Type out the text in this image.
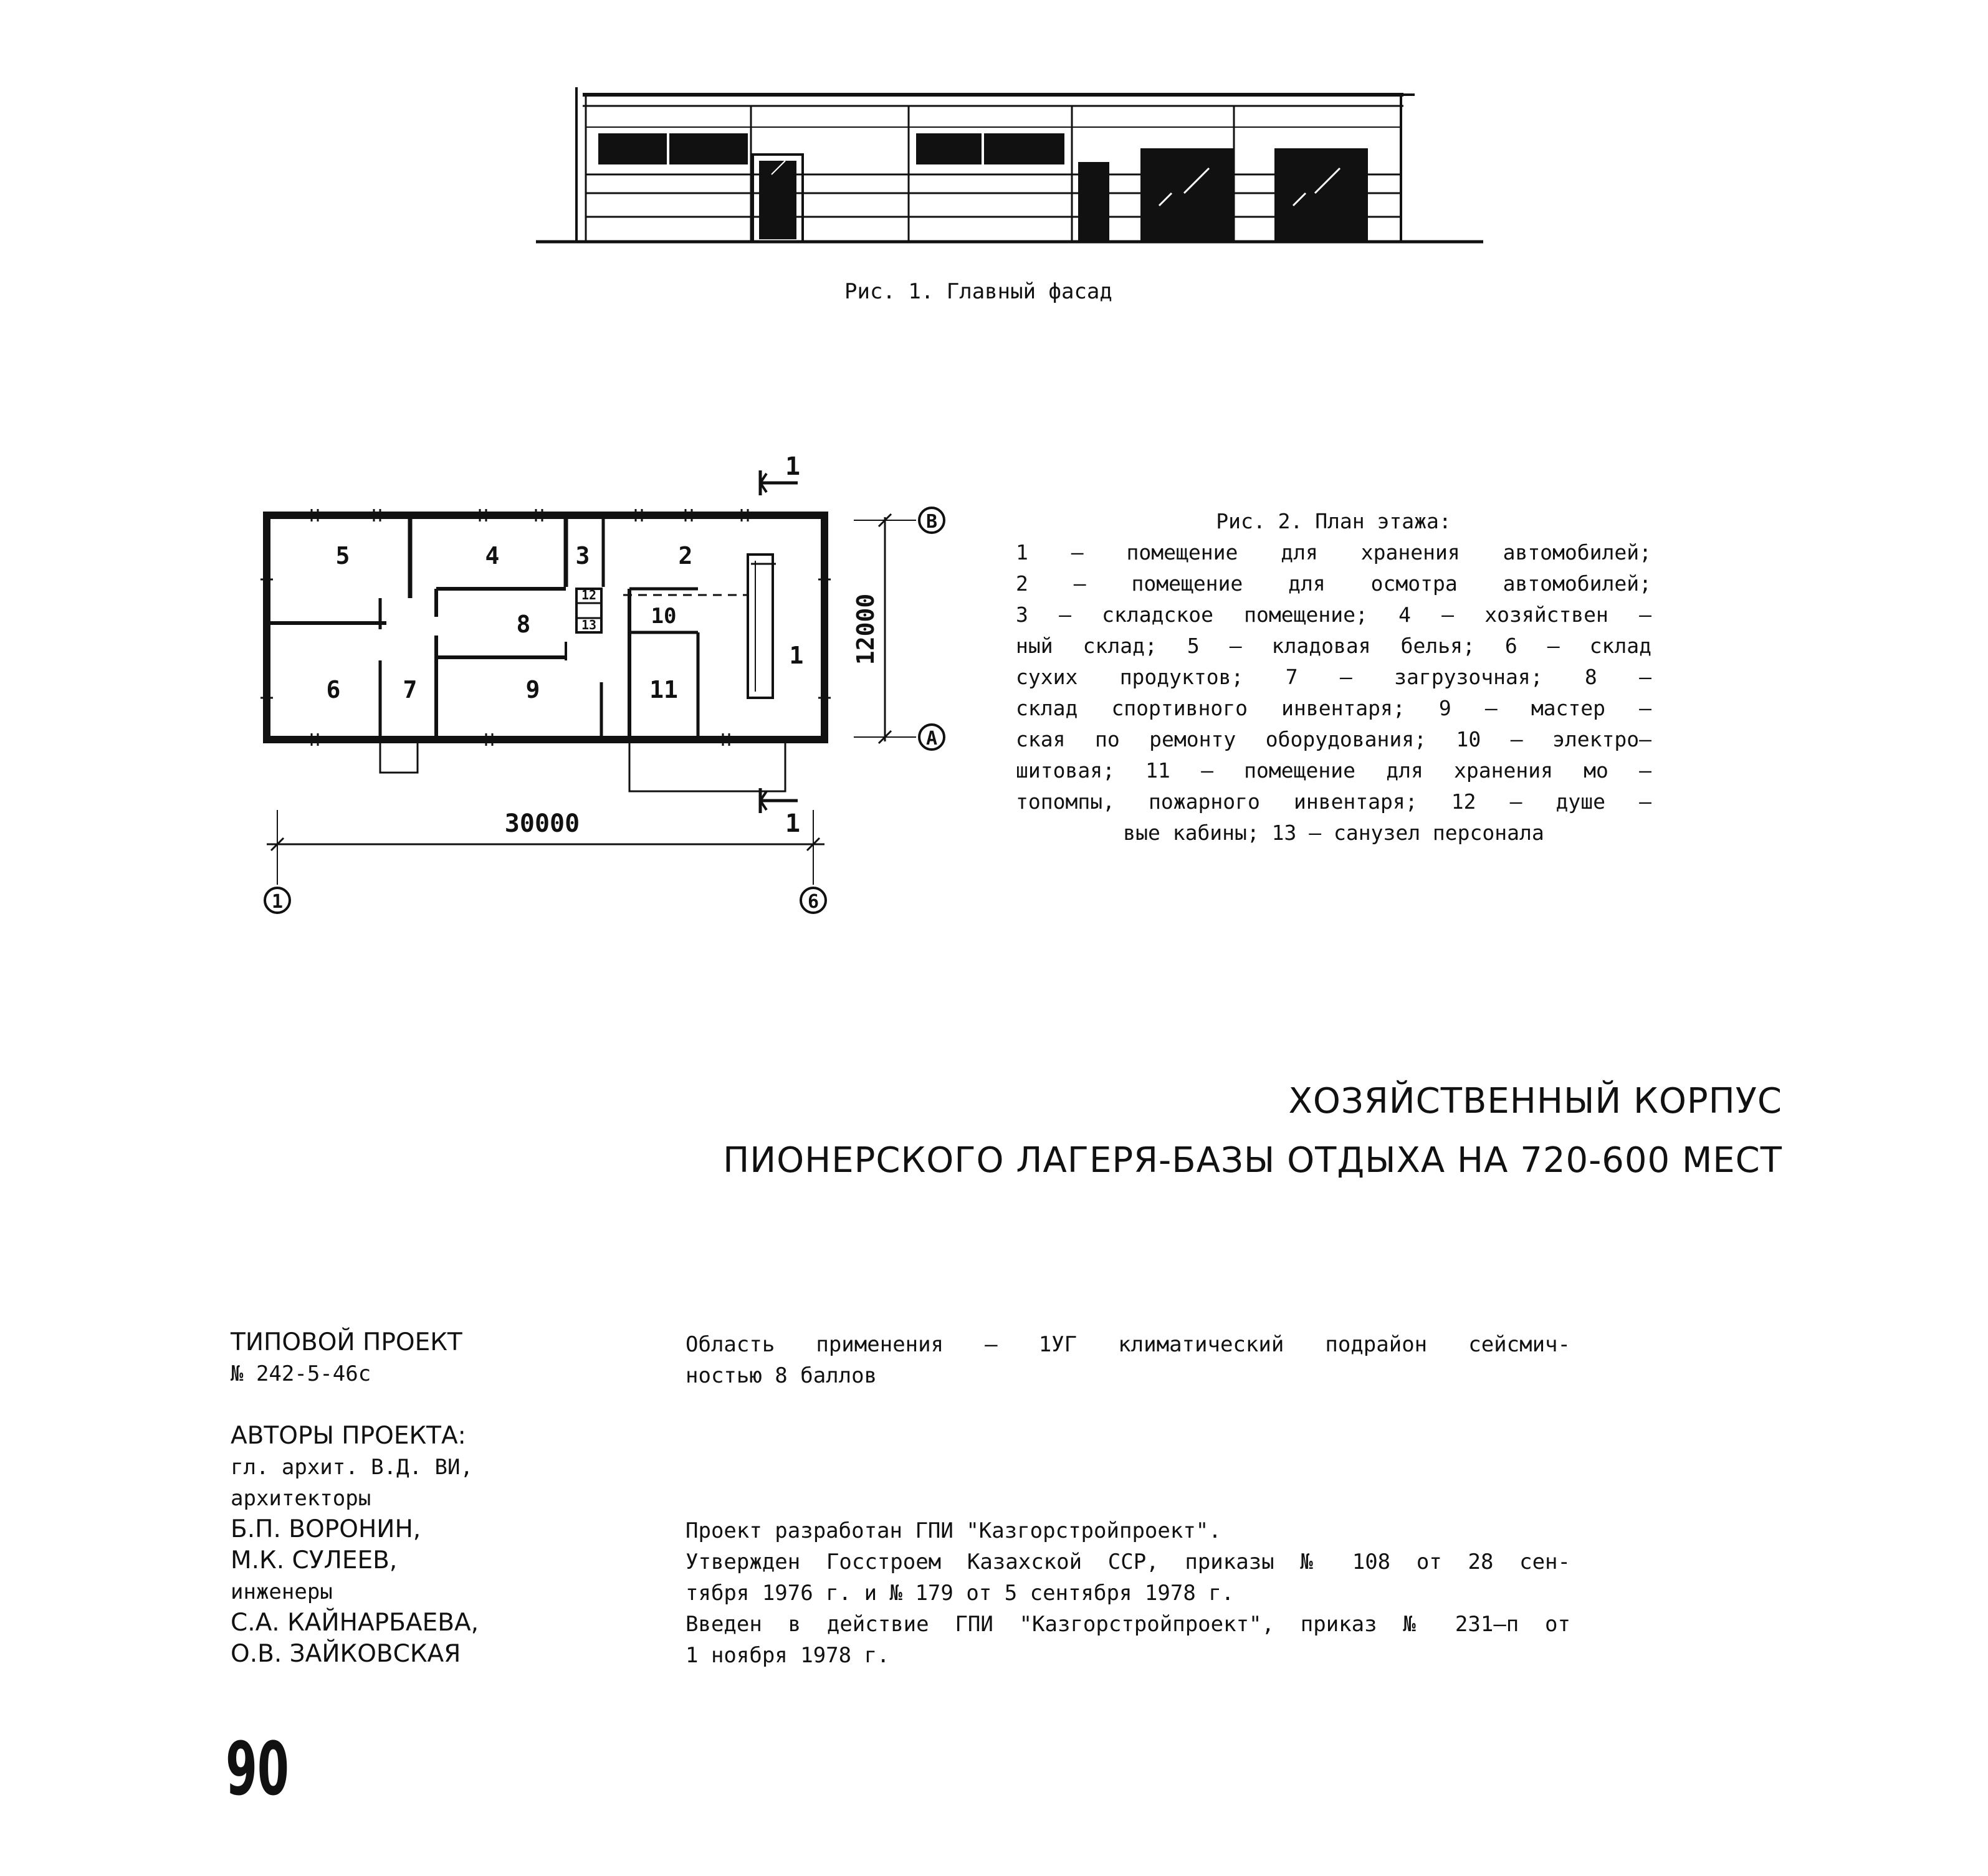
Рис. 1. Главный фасад
5	4	3	2
8	10
12
13
1
6	7	9	11
30000
12000
1	6
В
А
1
1
Рис. 2. План этажа:
1 – помещение для хранения автомобилей;
2 – помещение для осмотра автомобилей;
3 – складское помещение; 4 – хозяйствен –
ный склад; 5 – кладовая белья; 6 – склад
сухих продуктов; 7 – загрузочная; 8 –
склад спортивного инвентаря; 9 – мастер –
ская по ремонту оборудования; 10 – электро–
шитовая; 11 – помещение для хранения мо –
топомпы, пожарного инвентаря; 12 – душе –
вые кабины; 13 – санузел персонала
ХОЗЯЙСТВЕННЫЙ КОРПУС
ПИОНЕРСКОГО ЛАГЕРЯ-БАЗЫ ОТДЫХА НА 720-600 МЕСТ
ТИПОВОЙ ПРОЕКТ
№ 242-5-46с
АВТОРЫ ПРОЕКТА:
гл. архит. В.Д. ВИ,
архитекторы
Б.П. ВОРОНИН,
М.К. СУЛЕЕВ,
инженеры
С.А. КАЙНАРБАЕВА,
О.В. ЗАЙКОВСКАЯ
Область применения – 1УГ климатический подрайон сейсмич-
ностью 8 баллов
Проект разработан ГПИ "Казгорстройпроект".
Утвержден Госстроем Казахской ССР, приказы № 108 от 28 сен-
тября 1976 г. и № 179 от 5 сентября 1978 г.
Введен в действие ГПИ "Казгорстройпроект", приказ № 231–п от
1 ноября 1978 г.
90
